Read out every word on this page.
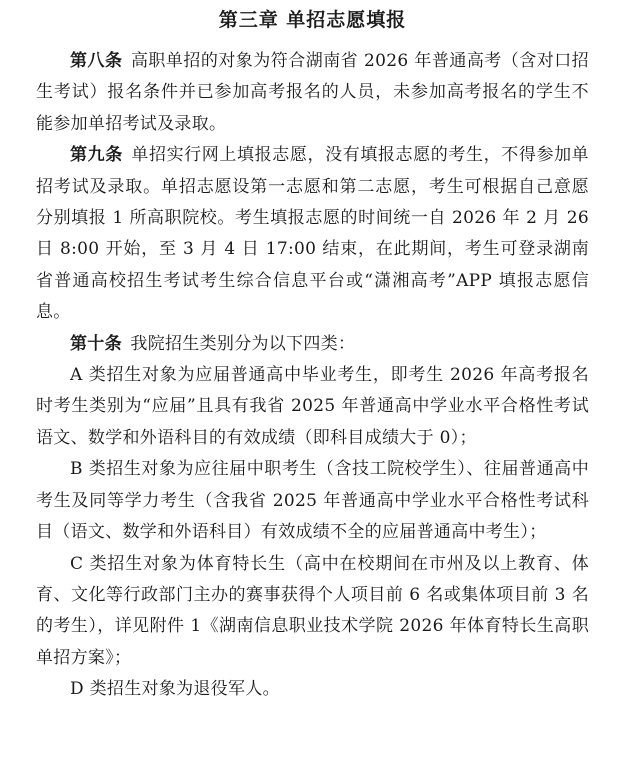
第三章 单招志愿填报

第八条 高职单招的对象为符合湖南省 2026 年普通高考（含对口招生考试）报名条件并已参加高考报名的人员，未参加高考报名的学生不能参加单招考试及录取。

第九条 单招实行网上填报志愿，没有填报志愿的考生，不得参加单招考试及录取。单招志愿设第一志愿和第二志愿，考生可根据自己意愿分别填报 1 所高职院校。考生填报志愿的时间统一自 2026 年 2 月 26 日 8:00 开始，至 3 月 4 日 17:00 结束，在此期间，考生可登录湖南省普通高校招生考试考生综合信息平台或“潇湘高考”APP 填报志愿信息。

第十条 我院招生类别分为以下四类：

A 类招生对象为应届普通高中毕业考生，即考生 2026 年高考报名时考生类别为“应届”且具有我省 2025 年普通高中学业水平合格性考试语文、数学和外语科目的有效成绩（即科目成绩大于 0）；

B 类招生对象为应往届中职考生（含技工院校学生）、往届普通高中考生及同等学力考生（含我省 2025 年普通高中学业水平合格性考试科目（语文、数学和外语科目）有效成绩不全的应届普通高中考生）；

C 类招生对象为体育特长生（高中在校期间在市州及以上教育、体育、文化等行政部门主办的赛事获得个人项目前 6 名或集体项目前 3 名的考生），详见附件 1《湖南信息职业技术学院 2026 年体育特长生高职单招方案》；

D 类招生对象为退役军人。
